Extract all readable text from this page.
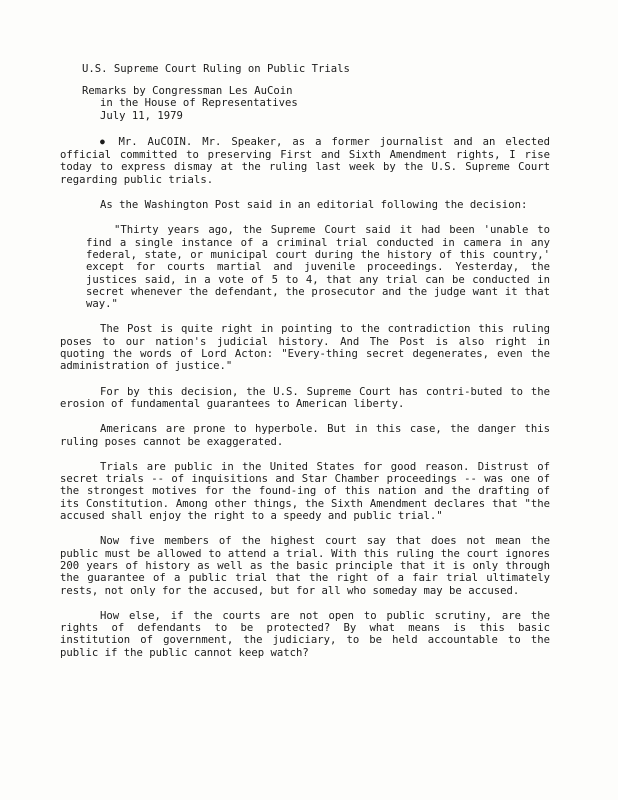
U.S. Supreme Court Ruling on Public Trials
Remarks by Congressman Les AuCoin
in the House of Representatives
July 11, 1979

● Mr. AuCOIN. Mr. Speaker, as a former journalist and an elected official committed to preserving First and Sixth Amendment rights, I rise today to express dismay at the ruling last week by the U.S. Supreme Court regarding public trials.

As the Washington Post said in an editorial following the decision:

"Thirty years ago, the Supreme Court said it had been 'unable to find a single instance of a criminal trial conducted in camera in any federal, state, or municipal court during the history of this country,' except for courts martial and juvenile proceedings. Yesterday, the justices said, in a vote of 5 to 4, that any trial can be conducted in secret whenever the defendant, the prosecutor and the judge want it that way."

The Post is quite right in pointing to the contradiction this ruling poses to our nation's judicial history. And The Post is also right in quoting the words of Lord Acton: "Every-thing secret degenerates, even the administration of justice."

For by this decision, the U.S. Supreme Court has contri-buted to the erosion of fundamental guarantees to American liberty.

Americans are prone to hyperbole. But in this case, the danger this ruling poses cannot be exaggerated.

Trials are public in the United States for good reason. Distrust of secret trials -- of inquisitions and Star Chamber proceedings -- was one of the strongest motives for the found-ing of this nation and the drafting of its Constitution. Among other things, the Sixth Amendment declares that "the accused shall enjoy the right to a speedy and public trial."

Now five members of the highest court say that does not mean the public must be allowed to attend a trial. With this ruling the court ignores 200 years of history as well as the basic principle that it is only through the guarantee of a public trial that the right of a fair trial ultimately rests, not only for the accused, but for all who someday may be accused.

How else, if the courts are not open to public scrutiny, are the rights of defendants to be protected? By what means is this basic institution of government, the judiciary, to be held accountable to the public if the public cannot keep watch?
